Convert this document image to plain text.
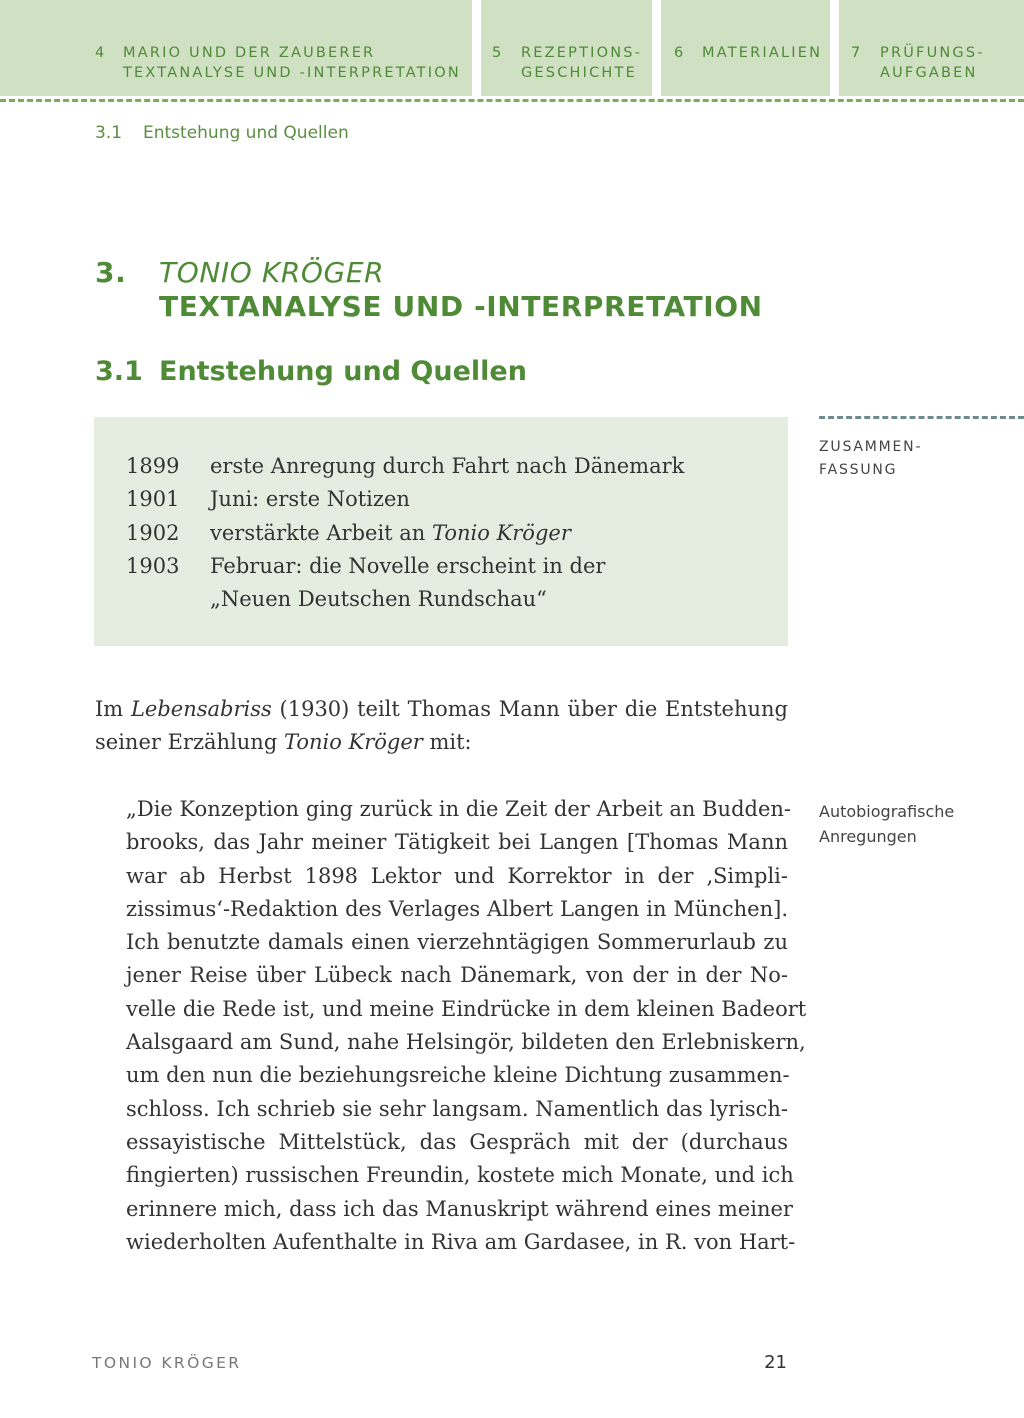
4 MARIO UND DER ZAUBERER
TEXTANALYSE UND -INTERPRETATION
5 REZEPTIONS-
GESCHICHTE
6 MATERIALIEN 7 PRÜFUNGS-
AUFGABEN
3.1 Entstehung und Quellen
3. TONIO KRÖGER
TEXTANALYSE UND -INTERPRETATION
3.1 Entstehung und Quellen
1899 erste Anregung durch Fahrt nach Dänemark
1901 Juni: erste Notizen
1902 verstärkte Arbeit an Tonio Kröger
1903 Februar: die Novelle erscheint in der
„Neuen Deutschen Rundschau“
ZUSAMMEN-
FASSUNG

Im Lebensabriss (1930) teilt Thomas Mann über die Entstehung
seiner Erzählung Tonio Kröger mit:

Autobiografische
Anregungen
„Die Konzeption ging zurück in die Zeit der Arbeit an Budden-
brooks, das Jahr meiner Tätigkeit bei Langen [Thomas Mann
war ab Herbst 1898 Lektor und Korrektor in der ‚Simpli-
zissimus‘-Redaktion des Verlages Albert Langen in München].
Ich benutzte damals einen vierzehntägigen Sommerurlaub zu
jener Reise über Lübeck nach Dänemark, von der in der No-
velle die Rede ist, und meine Eindrücke in dem kleinen Badeort
Aalsgaard am Sund, nahe Helsingör, bildeten den Erlebniskern,
um den nun die beziehungsreiche kleine Dichtung zusammen-
schloss. Ich schrieb sie sehr langsam. Namentlich das lyrisch-
essayistische Mittelstück, das Gespräch mit der (durchaus
fingierten) russischen Freundin, kostete mich Monate, und ich
erinnere mich, dass ich das Manuskript während eines meiner
wiederholten Aufenthalte in Riva am Gardasee, in R. von Hart-
TONIO KRÖGER	21
